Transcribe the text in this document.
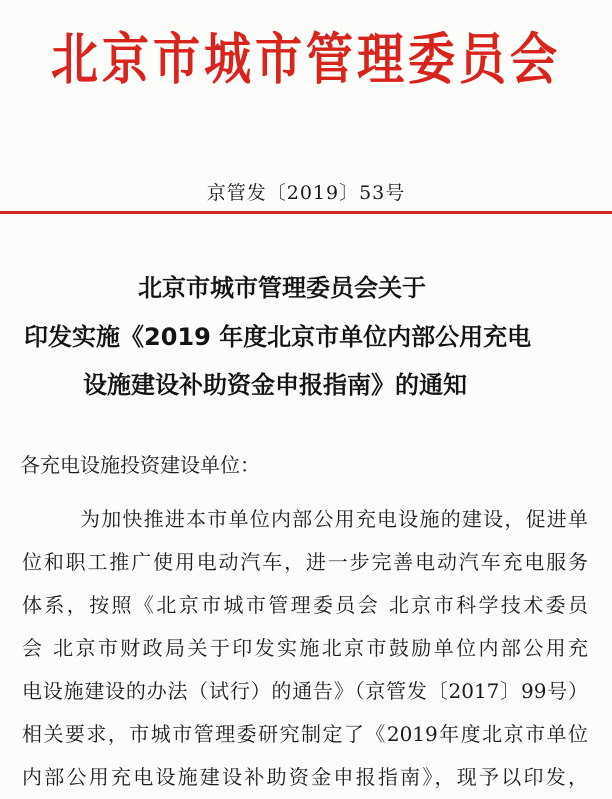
北京市城市管理委员会
京管发〔2019〕53号
北京市城市管理委员会关于
印发实施《2019 年度北京市单位内部公用充电
设施建设补助资金申报指南》的通知
各充电设施投资建设单位：
为加快推进本市单位内部公用充电设施的建设，促进单
位和职工推广使用电动汽车，进一步完善电动汽车充电服务
体系，按照《北京市城市管理委员会 北京市科学技术委员
会 北京市财政局关于印发实施北京市鼓励单位内部公用充
电设施建设的办法（试行）的通告》（京管发〔2017〕99号）
相关要求，市城市管理委研究制定了《2019年度北京市单位
内部公用充电设施建设补助资金申报指南》，现予以印发，
